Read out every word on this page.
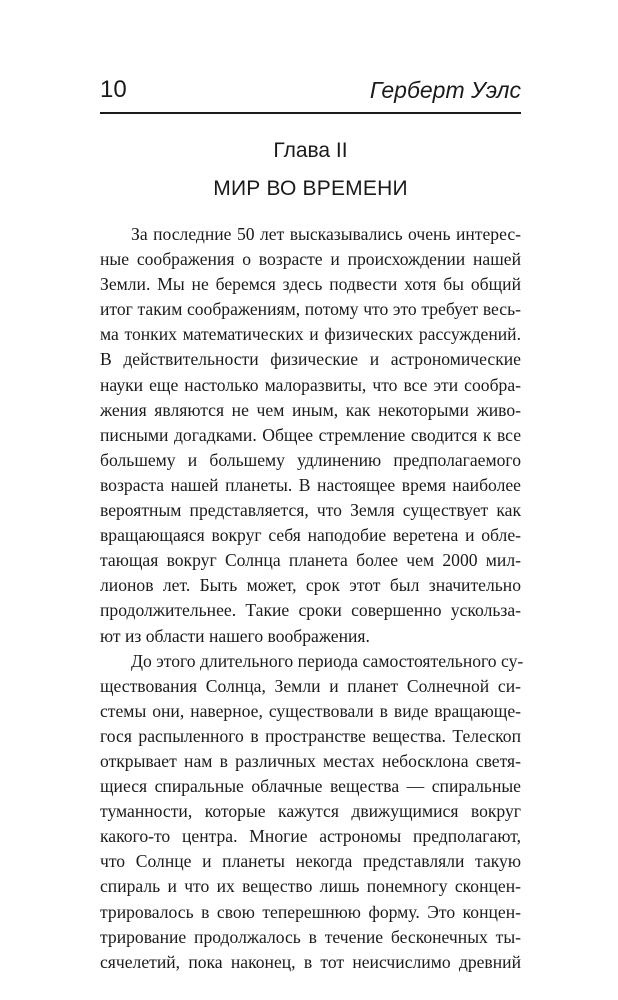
10	Герберт Уэлс
Глава II
МИР ВО ВРЕМЕНИ
За последние 50 лет высказывались очень интерес-
ные соображения о возрасте и происхождении нашей
Земли. Мы не беремся здесь подвести хотя бы общий
итог таким соображениям, потому что это требует весь-
ма тонких математических и физических рассуждений.
В действительности физические и астрономические
науки еще настолько малоразвиты, что все эти сообра-
жения являются не чем иным, как некоторыми живо-
писными догадками. Общее стремление сводится к все
большему и большему удлинению предполагаемого
возраста нашей планеты. В настоящее время наиболее
вероятным представляется, что Земля существует как
вращающаяся вокруг себя наподобие веретена и обле-
тающая вокруг Солнца планета более чем 2000 мил-
лионов лет. Быть может, срок этот был значительно
продолжительнее. Такие сроки совершенно ускольза-
ют из области нашего воображения.
До этого длительного периода самостоятельного су-
ществования Солнца, Земли и планет Солнечной си-
стемы они, наверное, существовали в виде вращающе-
гося распыленного в пространстве вещества. Телескоп
открывает нам в различных местах небосклона светя-
щиеся спиральные облачные вещества — спиральные
туманности, которые кажутся движущимися вокруг
какого-то центра. Многие астрономы предполагают,
что Солнце и планеты некогда представляли такую
спираль и что их вещество лишь понемногу сконцен-
трировалось в свою теперешнюю форму. Это концен-
трирование продолжалось в течение бесконечных ты-
сячелетий, пока наконец, в тот неисчислимо древний
